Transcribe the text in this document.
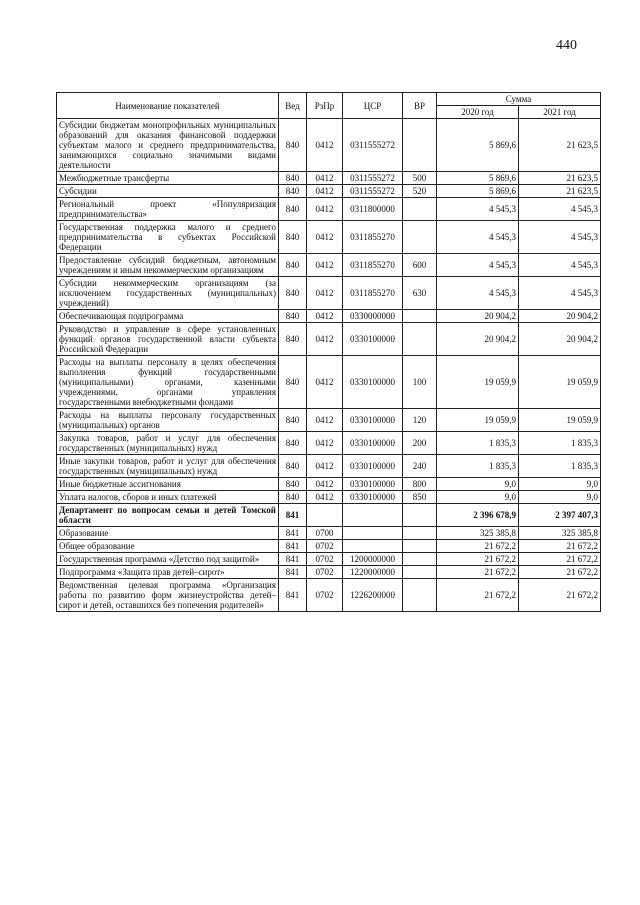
440
Наименование показателей	Вед	РзПр	ЦСР	ВР	Сумма	
					2020 год	2021 год
Субсидии бюджетам монопрофильных муниципальных образований для оказания финансовой поддержки субъектам малого и среднего предпринимательства, занимающихся социально значимыми видами деятельности	840	0412	0311555272		5 869,6	21 623,5
Межбюджетные трансферты	840	0412	0311555272	500	5 869,6	21 623,5
Субсидии	840	0412	0311555272	520	5 869,6	21 623,5
Региональный проект «Популяризация предпринимательства»	840	0412	0311800000		4 545,3	4 545,3
Государственная поддержка малого и среднего предпринимательства в субъектах Российской Федерации	840	0412	0311855270		4 545,3	4 545,3
Предоставление субсидий бюджетным, автономным учреждениям и иным некоммерческим организациям	840	0412	0311855270	600	4 545,3	4 545,3
Субсидии некоммерческим организациям (за исключением государственных (муниципальных) учреждений)	840	0412	0311855270	630	4 545,3	4 545,3
Обеспечивающая подпрограмма	840	0412	0330000000		20 904,2	20 904,2
Руководство и управление в сфере установленных функций органов государственной власти субъекта Российской Федерации	840	0412	0330100000		20 904,2	20 904,2
Расходы на выплаты персоналу в целях обеспечения выполнения функций государственными (муниципальными) органами, казенными учреждениями, органами управления государственными внебюджетными фондами	840	0412	0330100000	100	19 059,9	19 059,9
Расходы на выплаты персоналу государственных (муниципальных) органов	840	0412	0330100000	120	19 059,9	19 059,9
Закупка товаров, работ и услуг для обеспечения государственных (муниципальных) нужд	840	0412	0330100000	200	1 835,3	1 835,3
Иные закупки товаров, работ и услуг для обеспечения государственных (муниципальных) нужд	840	0412	0330100000	240	1 835,3	1 835,3
Иные бюджетные ассигнования	840	0412	0330100000	800	9,0	9,0
Уплата налогов, сборов и иных платежей	840	0412	0330100000	850	9,0	9,0
Департамент по вопросам семьи и детей Томской области	841				2 396 678,9	2 397 407,3
Образование	841	0700			325 385,8	325 385,8
Общее образование	841	0702			21 672,2	21 672,2
Государственная программа «Детство под защитой»	841	0702	1200000000		21 672,2	21 672,2
Подпрограмма «Защита прав детей–сирот»	841	0702	1220000000		21 672,2	21 672,2
Ведомственная целевая программа «Организация работы по развитию форм жизнеустройства детей–сирот и детей, оставшихся без попечения родителей»	841	0702	1226200000		21 672,2	21 672,2
